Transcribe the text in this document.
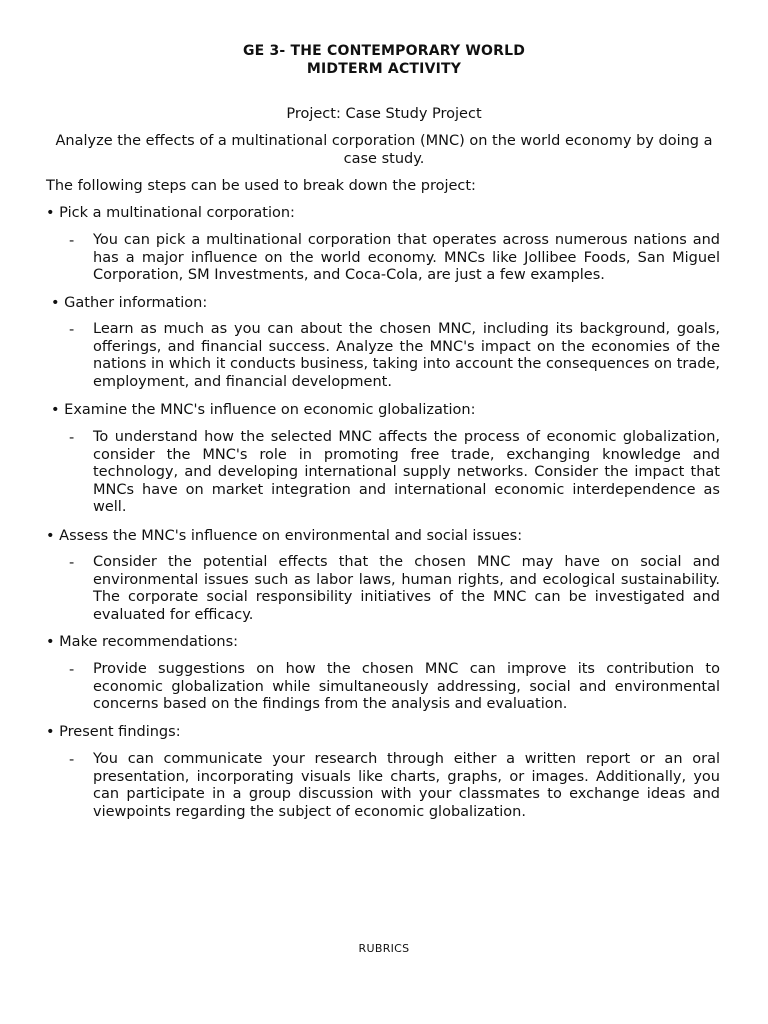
GE 3- THE CONTEMPORARY WORLD
MIDTERM ACTIVITY
Project: Case Study Project
Analyze the effects of a multinational corporation (MNC) on the world economy by doing a case study.
The following steps can be used to break down the project:
• Pick a multinational corporation:
- You can pick a multinational corporation that operates across numerous nations and has a major influence on the world economy. MNCs like Jollibee Foods, San Miguel Corporation, SM Investments, and Coca-Cola, are just a few examples.
• Gather information:
- Learn as much as you can about the chosen MNC, including its background, goals, offerings, and financial success. Analyze the MNC's impact on the economies of the nations in which it conducts business, taking into account the consequences on trade, employment, and financial development.
• Examine the MNC's influence on economic globalization:
- To understand how the selected MNC affects the process of economic globalization, consider the MNC's role in promoting free trade, exchanging knowledge and technology, and developing international supply networks. Consider the impact that MNCs have on market integration and international economic interdependence as well.
• Assess the MNC's influence on environmental and social issues:
- Consider the potential effects that the chosen MNC may have on social and environmental issues such as labor laws, human rights, and ecological sustainability. The corporate social responsibility initiatives of the MNC can be investigated and evaluated for efficacy.
• Make recommendations:
- Provide suggestions on how the chosen MNC can improve its contribution to economic globalization while simultaneously addressing, social and environmental concerns based on the findings from the analysis and evaluation.
• Present findings:
- You can communicate your research through either a written report or an oral presentation, incorporating visuals like charts, graphs, or images. Additionally, you can participate in a group discussion with your classmates to exchange ideas and viewpoints regarding the subject of economic globalization.
RUBRICS
